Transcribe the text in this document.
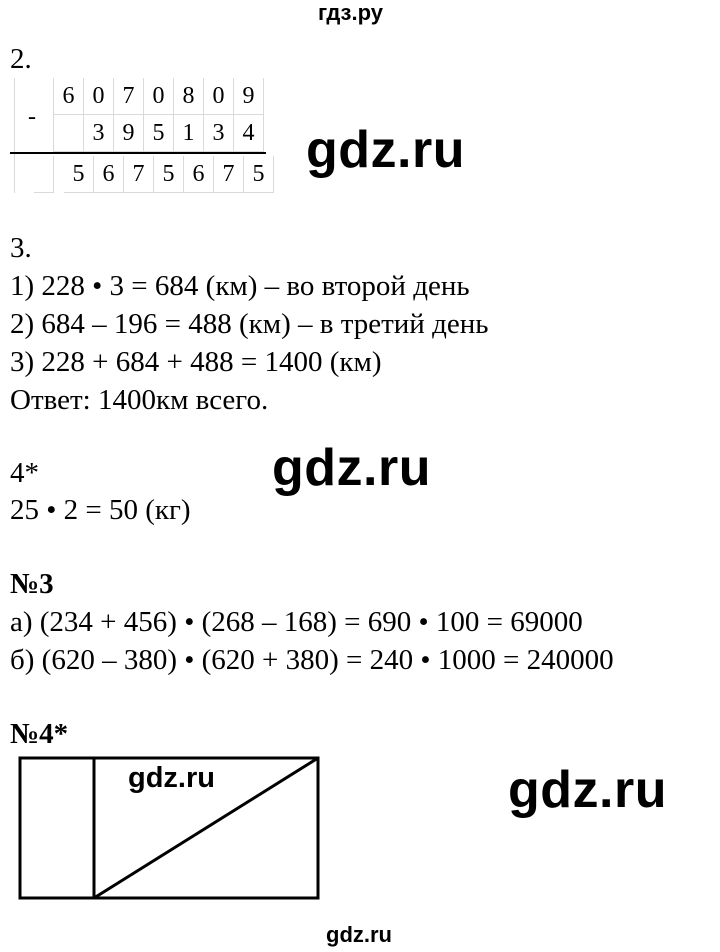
гдз.ру
2.
6 0 7 0 8 0 9
3 9 5 1 3 4
5 6 7 5 6 7 5
-
gdz.ru
3.
1) 228 • 3 = 684 (км) – во второй день
2) 684 – 196 = 488 (км) – в третий день
3) 228 + 684 + 488 = 1400 (км)
Ответ: 1400км всего.
4*	gdz.ru
25 • 2 = 50 (кг)
№3
а) (234 + 456) • (268 – 168) = 690 • 100 = 69000
б) (620 – 380) • (620 + 380) = 240 • 1000 = 240000
№4*
gdz.ru	gdz.ru
gdz.ru
